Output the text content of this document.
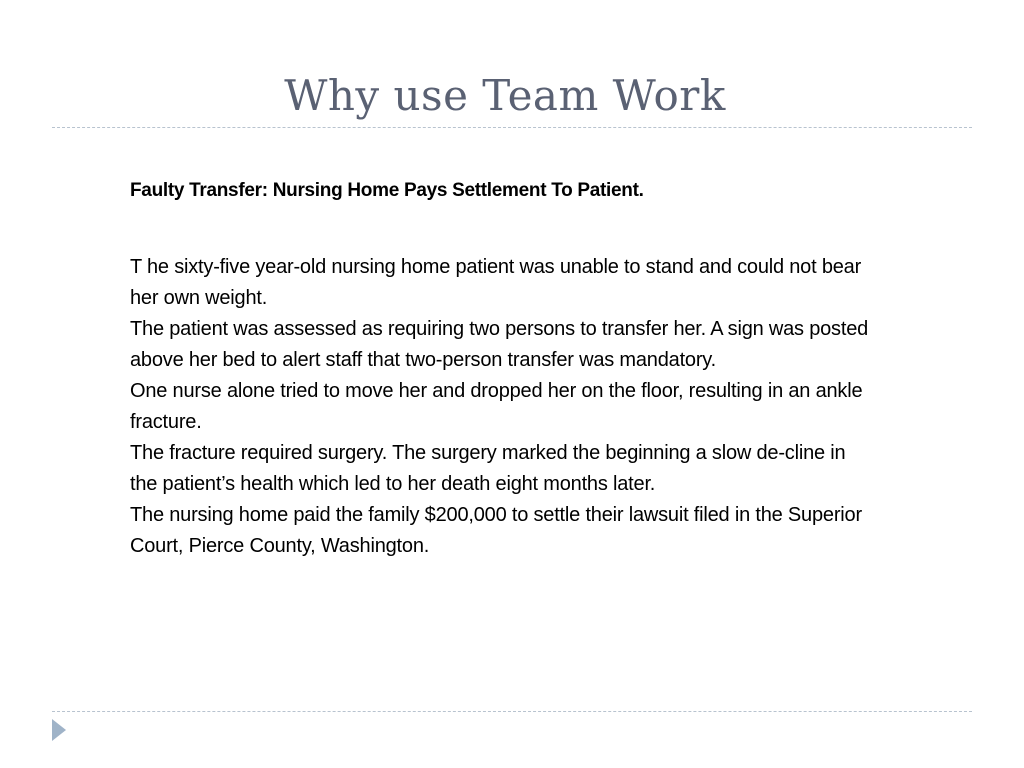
Why use Team Work

Faulty Transfer: Nursing Home Pays Settlement To Patient.

T he sixty-five year-old nursing home patient was unable to stand and could not bear her own weight.
The patient was assessed as requiring two persons to transfer her. A sign was posted above her bed to alert staff that two-person transfer was mandatory.
One nurse alone tried to move her and dropped her on the floor, resulting in an ankle fracture.
The fracture required surgery. The surgery marked the beginning a slow de-cline in the patient’s health which led to her death eight months later.
The nursing home paid the family $200,000 to settle their lawsuit filed in the Superior Court, Pierce County, Washington.
